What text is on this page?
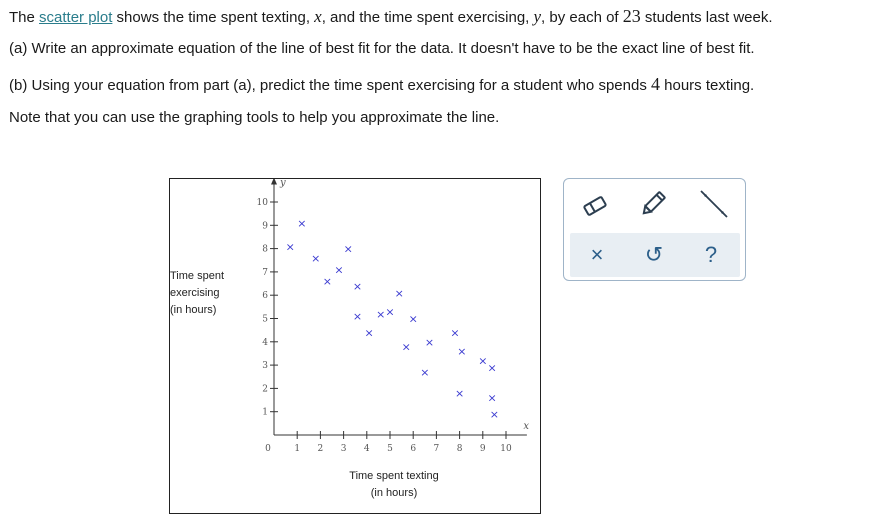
The scatter plot shows the time spent texting, x, and the time spent exercising, y, by each of 23 students last week.
(a) Write an approximate equation of the line of best fit for the data. It doesn't have to be the exact line of best fit.
(b) Using your equation from part (a), predict the time spent exercising for a student who spends 4 hours texting.
Note that you can use the graphing tools to help you approximate the line.
1 2 3 4 5 6 7 8 9 10
1
2
3
4
5
6
7
8
9
10
0
x
y
×
×
×
×
×
×
×
×
×
× ×
×
×
×
×
×
×
×
×
×
×
×
×
Time spent
exercising
(in hours)
Time spent texting
(in hours)
×	↺	?
